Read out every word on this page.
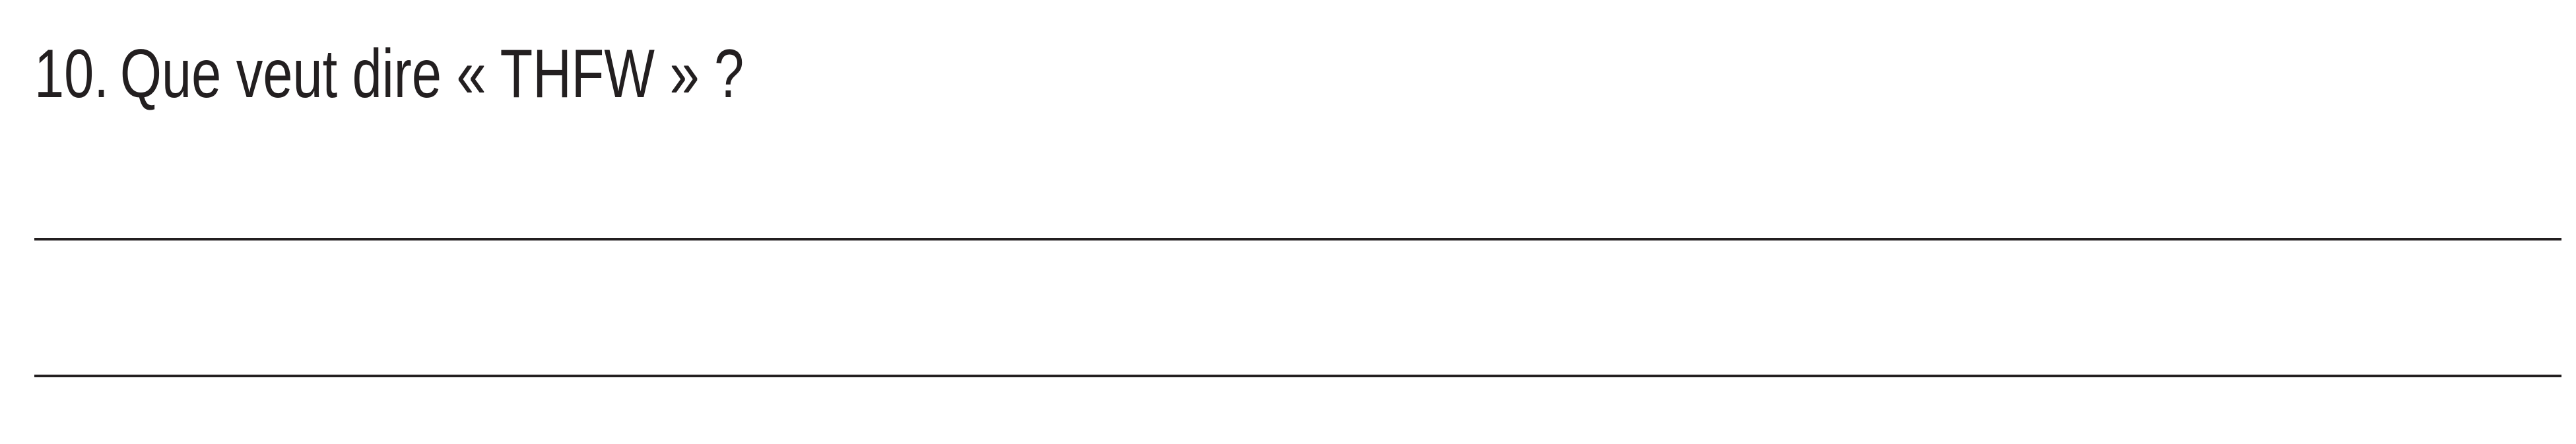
10. Que veut dire « THFW » ?
